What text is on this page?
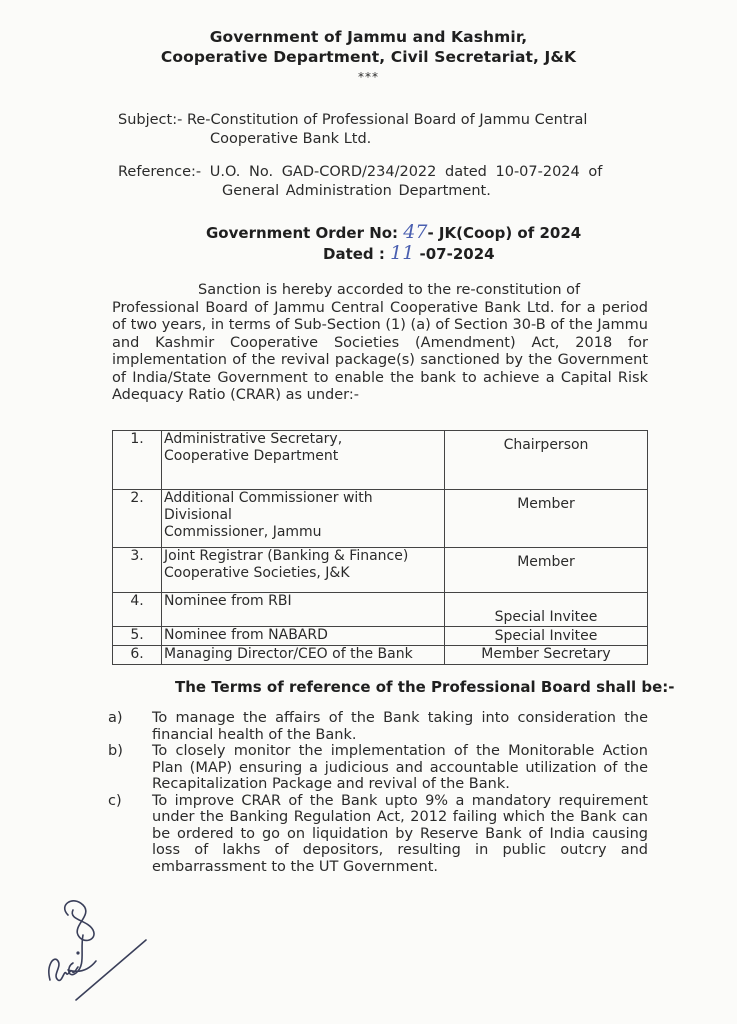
Government of Jammu and Kashmir,
Cooperative Department, Civil Secretariat, J&K
***
Subject:- Re-Constitution of Professional Board of Jammu Central
Cooperative Bank Ltd.
Reference:- U.O. No. GAD-CORD/234/2022 dated 10-07-2024 of
General Administration Department.
Government Order No: 47- JK(Coop) of 2024
Dated : 11 -07-2024
Sanction is hereby accorded to the re-constitution of
Professional Board of Jammu Central Cooperative Bank Ltd. for a period of two years, in terms of Sub-Section (1) (a) of Section 30-B of the Jammu and Kashmir Cooperative Societies (Amendment) Act, 2018 for implementation of the revival package(s) sanctioned by the Government of India/State Government to enable the bank to achieve a Capital Risk Adequacy Ratio (CRAR) as under:-
1.	Administrative Secretary,
Cooperative Department	Chairperson
2.	Additional Commissioner with Divisional
Commissioner, Jammu	Member
3.	Joint Registrar (Banking & Finance)
Cooperative Societies, J&K	Member
4.	Nominee from RBI	Special Invitee
5.	Nominee from NABARD	Special Invitee
6.	Managing Director/CEO of the Bank	Member Secretary
The Terms of reference of the Professional Board shall be:-
a)	To manage the affairs of the Bank taking into consideration the financial health of the Bank.
b)	To closely monitor the implementation of the Monitorable Action Plan (MAP) ensuring a judicious and accountable utilization of the Recapitalization Package and revival of the Bank.
c)	To improve CRAR of the Bank upto 9% a mandatory requirement under the Banking Regulation Act, 2012 failing which the Bank can be ordered to go on liquidation by Reserve Bank of India causing loss of lakhs of depositors, resulting in public outcry and embarrassment to the UT Government.
